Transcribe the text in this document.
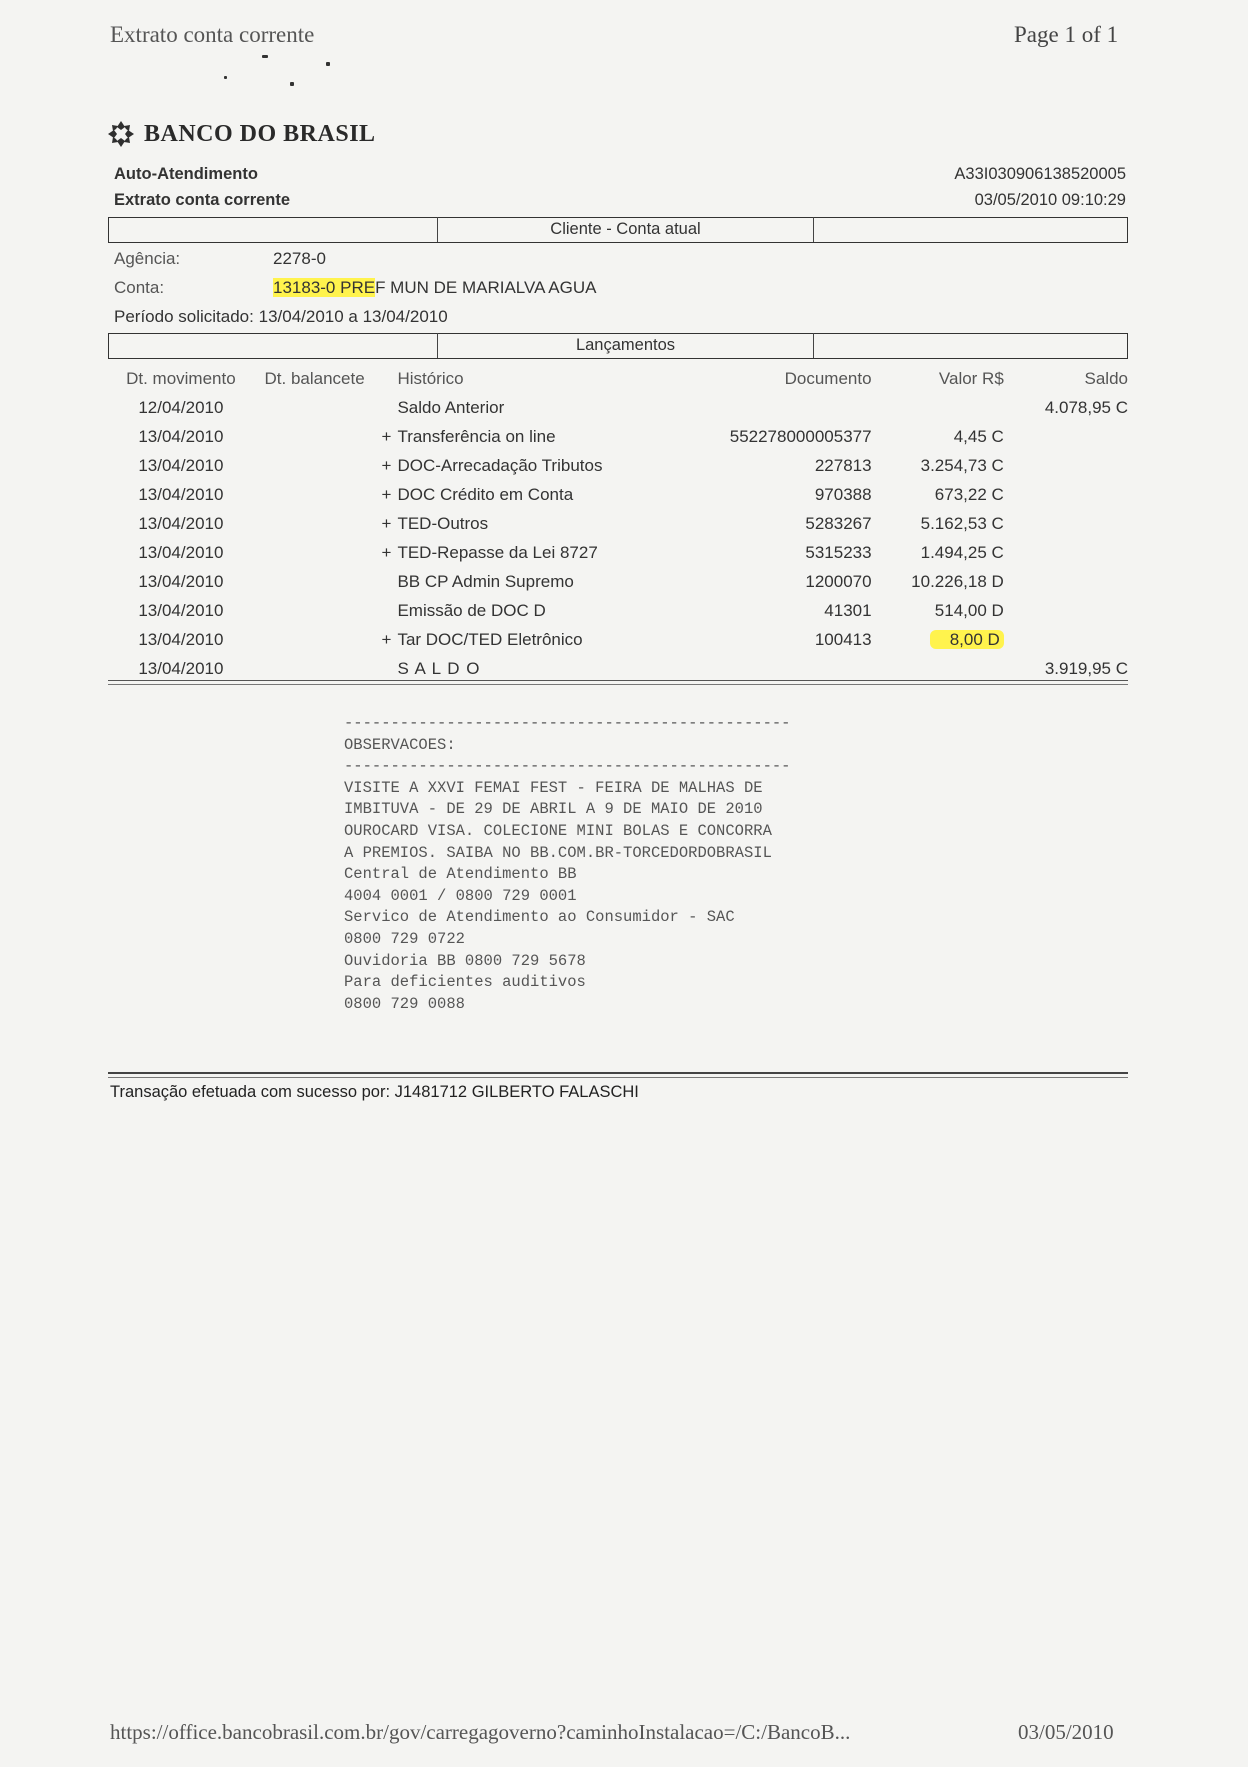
Extrato conta corrente	Page 1 of 1
BANCO DO BRASIL
Auto-Atendimento
Extrato conta corrente
A33I030906138520005
03/05/2010 09:10:29
Cliente - Conta atual
Agência:	2278-0
Conta:	13183-0 PREF MUN DE MARIALVA AGUA
Período solicitado: 13/04/2010 a 13/04/2010
Lançamentos
Dt. movimento	Dt. balancete	Histórico	Documento	Valor R$	Saldo
12/04/2010		Saldo Anterior			4.078,95 C
13/04/2010		+ Transferência on line	552278000005377	4,45 C	
13/04/2010		+ DOC-Arrecadação Tributos	227813	3.254,73 C	
13/04/2010		+ DOC Crédito em Conta	970388	673,22 C	
13/04/2010		+ TED-Outros	5283267	5.162,53 C	
13/04/2010		+ TED-Repasse da Lei 8727	5315233	1.494,25 C	
13/04/2010		BB CP Admin Supremo	1200070	10.226,18 D	
13/04/2010		Emissão de DOC D	41301	514,00 D	
13/04/2010		+ Tar DOC/TED Eletrônico	100413	8,00 D	
13/04/2010		S A L D O			3.919,95 C
------------------------------------------------
OBSERVACOES:
------------------------------------------------
VISITE A XXVI FEMAI FEST - FEIRA DE MALHAS DE
IMBITUVA - DE 29 DE ABRIL A 9 DE MAIO DE 2010
OUROCARD VISA. COLECIONE MINI BOLAS E CONCORRA
A PREMIOS. SAIBA NO BB.COM.BR-TORCEDORDOBRASIL
Central de Atendimento BB
4004 0001 / 0800 729 0001
Servico de Atendimento ao Consumidor - SAC
0800 729 0722
Ouvidoria BB 0800 729 5678
Para deficientes auditivos
0800 729 0088
Transação efetuada com sucesso por: J1481712 GILBERTO FALASCHI
https://office.bancobrasil.com.br/gov/carregagoverno?caminhoInstalacao=/C:/BancoB...	03/05/2010
